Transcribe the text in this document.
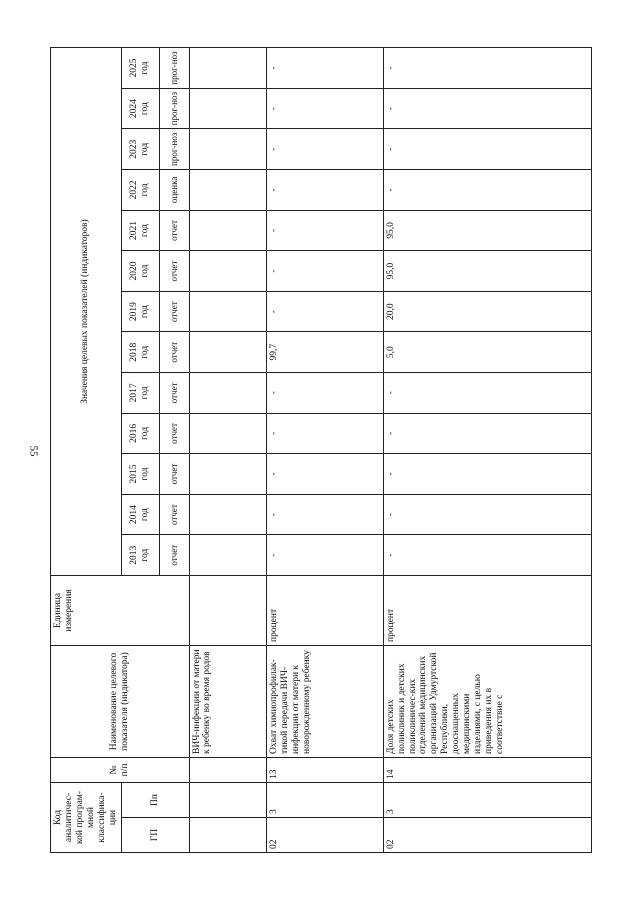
55
Код аналитичес-кой програм-мной классифика-ции		№ п/п	Наименование целевого показателя (индикатора)	Единица измерения	Значения целевых показателей (индикаторов)												
ГП	Пп				2013 год	2014 год	2015 год	2016 год	2017 год	2018 год	2019 год	2020 год	2021 год	2022 год	2023 год	2024 год	2025 год
					отчет	отчет	отчет	отчет	отчет	отчет	отчет	отчет	отчет	оценка	прог-ноз	прог-ноз	прог-ноз
			ВИЧ-инфекции от матери к ребенку во время родов														
02	3	13	Охват химиопрофилак-тикой передачи ВИЧ-инфекции от матери к новорожденному ребенку	процент	-	-	-	-	-	99,7	-	-	-	-	-	-	-
02	3	14	Доля детских поликлиник и детских поликлиничес-ких отделений медицинских организаций Удмуртской Республики, дооснащенных медицинскими изделиями, с целью приведения их в соответствие с	процент	-	-	-	-	-	5,0	20,0	95,0	95,0	-	-	-	-
